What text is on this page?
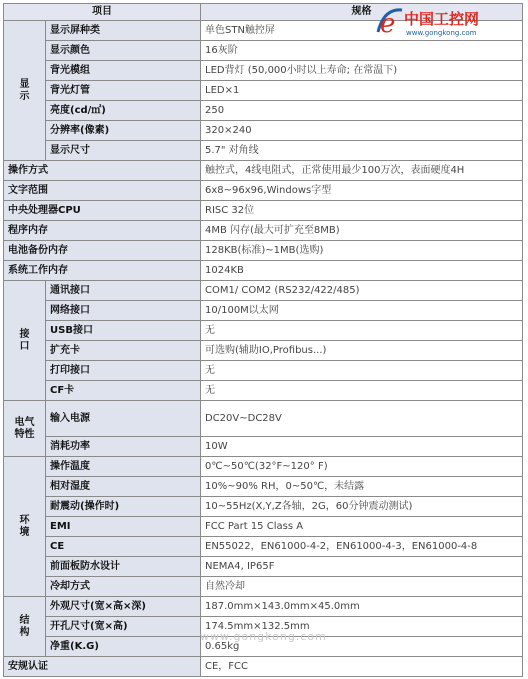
项目		规格

显
示	显示屏种类	单色STN触控屏
	显示颜色	16灰阶
	背光模组	LED背灯 (50,000小时以上寿命; 在常温下)
	背光灯管	LED×1
	亮度(cd/㎡)	250
	分辨率(像素)	320×240
	显示尺寸	5.7" 对角线
操作方式		触控式，4线电阻式，正常使用最少100万次，表面硬度4H
文字范围		6x8~96x96,Windows字型
中央处理器CPU		RISC 32位
程序内存		4MB 闪存(最大可扩充至8MB)
电池备份内存		128KB(标准)~1MB(选购)
系统工作内存		1024KB

接
口	通讯接口	COM1/ COM2 (RS232/422/485)
	网络接口	10/100M以太网
	USB接口	无
	扩充卡	可选购(辅助IO,Profibus...)
	打印接口	无
	CF卡	无

电气
特性	输入电源	DC20V~DC28V
	消耗功率	10W

环
境	操作温度	0℃~50℃(32°F~120° F)
	相对湿度	10%~90% RH，0~50℃，未结露
	耐震动(操作时)	10~55Hz(X,Y,Z各轴，2G，60分钟震动测试)
	EMI	FCC Part 15 Class A
	CE	EN55022，EN61000-4-2，EN61000-4-3，EN61000-4-8
	前面板防水设计	NEMA4, IP65F
	冷却方式	自然冷却

结
构	外观尺寸(宽×高×深)	187.0mm×143.0mm×45.0mm
	开孔尺寸(宽×高)	174.5mm×132.5mm
	净重(K.G)	0.65kg
安规认证		CE，FCC
e 中国工控网
www.gongkong.com
www.gongkong.com
